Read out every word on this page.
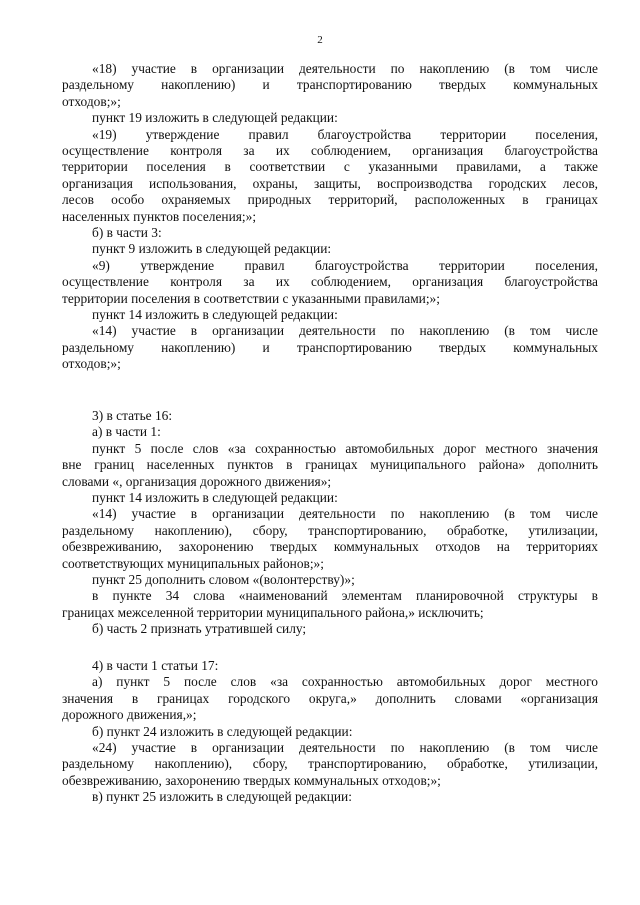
2
«18) участие в организации деятельности по накоплению (в том числе
раздельному накоплению) и транспортированию твердых коммунальных
отходов;»;
пункт 19 изложить в следующей редакции:
«19) утверждение правил благоустройства территории поселения,
осуществление контроля за их соблюдением, организация благоустройства
территории поселения в соответствии с указанными правилами, а также
организация использования, охраны, защиты, воспроизводства городских лесов,
лесов особо охраняемых природных территорий, расположенных в границах
населенных пунктов поселения;»;
б) в части 3:
пункт 9 изложить в следующей редакции:
«9) утверждение правил благоустройства территории поселения,
осуществление контроля за их соблюдением, организация благоустройства
территории поселения в соответствии с указанными правилами;»;
пункт 14 изложить в следующей редакции:
«14) участие в организации деятельности по накоплению (в том числе
раздельному накоплению) и транспортированию твердых коммунальных
отходов;»;
3) в статье 16:
а) в части 1:
пункт 5 после слов «за сохранностью автомобильных дорог местного значения
вне границ населенных пунктов в границах муниципального района» дополнить
словами «, организация дорожного движения»;
пункт 14 изложить в следующей редакции:
«14) участие в организации деятельности по накоплению (в том числе
раздельному накоплению), сбору, транспортированию, обработке, утилизации,
обезвреживанию, захоронению твердых коммунальных отходов на территориях
соответствующих муниципальных районов;»;
пункт 25 дополнить словом «(волонтерству)»;
в пункте 34 слова «наименований элементам планировочной структуры в
границах межселенной территории муниципального района,» исключить;
б) часть 2 признать утратившей силу;
4) в части 1 статьи 17:
а) пункт 5 после слов «за сохранностью автомобильных дорог местного
значения в границах городского округа,» дополнить словами «организация
дорожного движения,»;
б) пункт 24 изложить в следующей редакции:
«24) участие в организации деятельности по накоплению (в том числе
раздельному накоплению), сбору, транспортированию, обработке, утилизации,
обезвреживанию, захоронению твердых коммунальных отходов;»;
в) пункт 25 изложить в следующей редакции:
